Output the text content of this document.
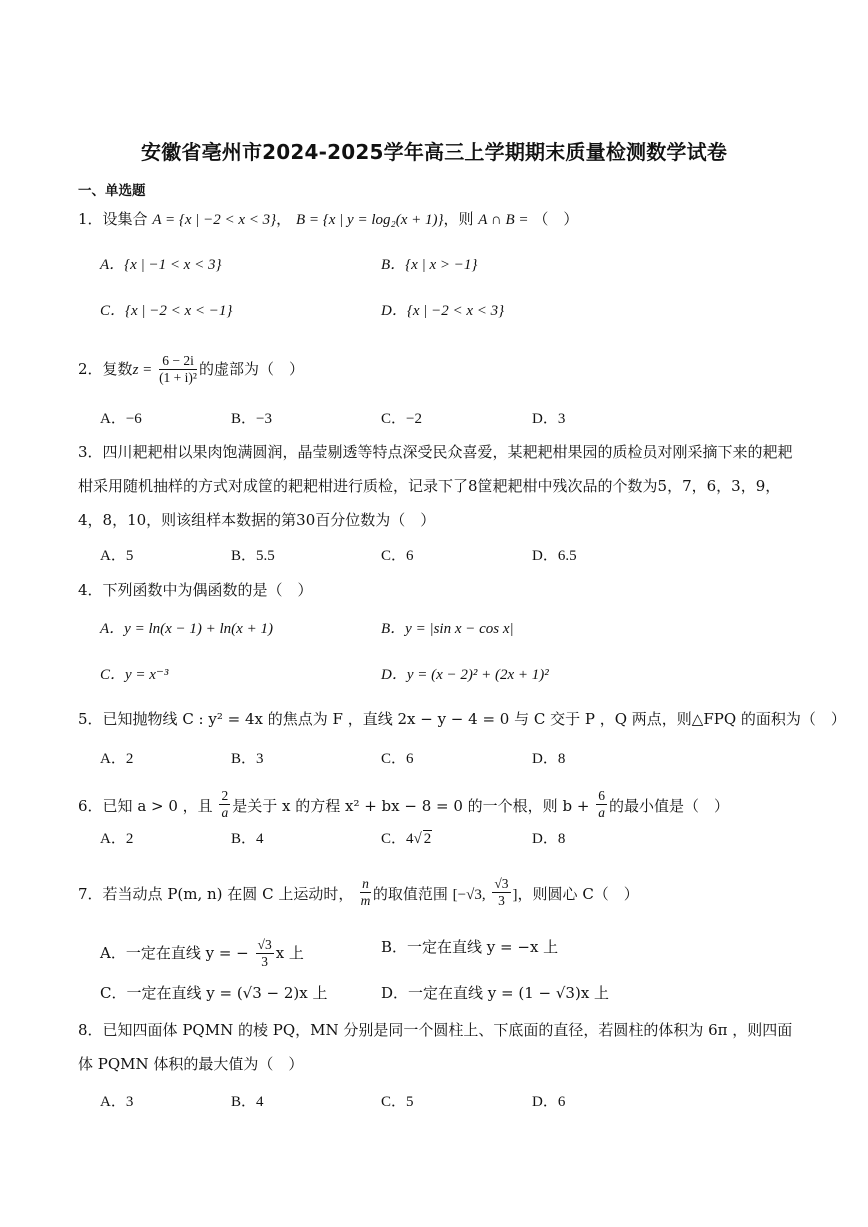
安徽省亳州市2024-2025学年高三上学期期末质量检测数学试卷
一、单选题
1．设集合 A = {x | −2 < x < 3}， B = {x | y = log₂(x + 1)}，则 A ∩ B = （　）
A．{x | −1 < x < 3}	B．{x | x > −1}
C．{x | −2 < x < −1}	D．{x | −2 < x < 3}
2．复数$z = \frac{6 - 2i}{\text{(1 + i)²}}$ 的虚部为（　）
A．−6	B．−3	C．−2	D．3
3．四川耙耙柑以果肉饱满圆润，晶莹剔透等特点深受民众喜爱，某耙耙柑果园的质检员对刚采摘下来的耙耙柑采用随机抽样的方式对成筐的耙耙柑进行质检，记录下了8筐耙耙柑中残次品的个数为5，7，6，3，9，4，8，10，则该组样本数据的第30百分位数为（　）
A．5	B．5.5	C．6	D．6.5
4．下列函数中为偶函数的是（　）
A．y = ln(x − 1) + ln(x + 1)	B．y = |sin x − cos x|
C．y = x⁻³	D．y = (x − 2)² + (2x + 1)²
5．已知抛物线 C : y² = 4x 的焦点为 F ，直线 2x − y − 4 = 0 与 C 交于 P ，Q 两点，则△FPQ 的面积为（　）
A．2	B．3	C．6	D．8
6．已知 a > 0 ，且 $\frac{2}{a}$ 是关于 x 的方程 x² + bx − 8 = 0 的一个根，则 $b + \frac{6}{a}$ 的最小值是（　）
A．2	B．4	C．4√ 2	D．8
7．若当动点 P(m, n) 在圆 C 上运动时， $\frac{n}{m}$ 的取值范围 [−√3, $\frac{√3}{3}$ ]，则圆心 C（　）
A．一定在直线 y = − $\frac{√3}{3}$ x 上	B．一定在直线 y = −x 上
C．一定在直线 y = (√3 − 2)x 上	D．一定在直线 y = (1 − √3)x 上
8．已知四面体 PQMN 的棱 PQ，MN 分别是同一个圆柱上、下底面的直径，若圆柱的体积为 6π ，则四面体 PQMN 体积的最大值为（　）
A．3	B．4	C．5	D．6
